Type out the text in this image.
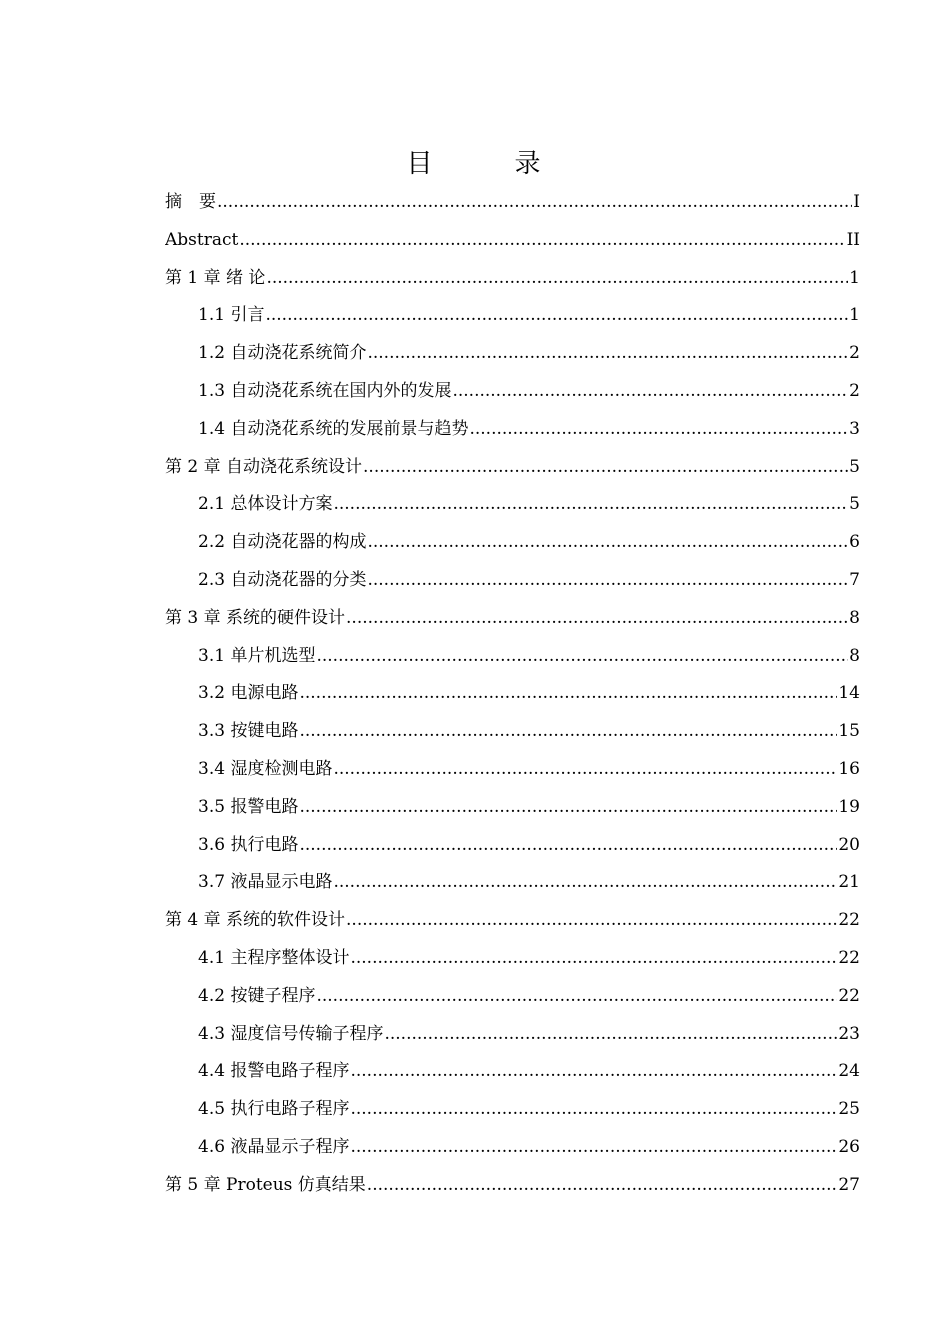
目　录
摘　要 .....	I
Abstract .....	II
第 1 章 绪 论 .....	1
1.1 引言 .....	1
1.2 自动浇花系统简介 .....	2
1.3 自动浇花系统在国内外的发展 .....	2
1.4 自动浇花系统的发展前景与趋势 .....	3
第 2 章 自动浇花系统设计 .....	5
2.1 总体设计方案 .....	5
2.2 自动浇花器的构成 .....	6
2.3 自动浇花器的分类 .....	7
第 3 章 系统的硬件设计 .....	8
3.1 单片机选型 .....	8
3.2 电源电路 .....	14
3.3 按键电路 .....	15
3.4 湿度检测电路 .....	16
3.5 报警电路 .....	19
3.6 执行电路 .....	20
3.7 液晶显示电路 .....	21
第 4 章 系统的软件设计 .....	22
4.1 主程序整体设计 .....	22
4.2 按键子程序 .....	22
4.3 湿度信号传输子程序 .....	23
4.4 报警电路子程序 .....	24
4.5 执行电路子程序 .....	25
4.6 液晶显示子程序 .....	26
第 5 章 Proteus 仿真结果 .....	27
